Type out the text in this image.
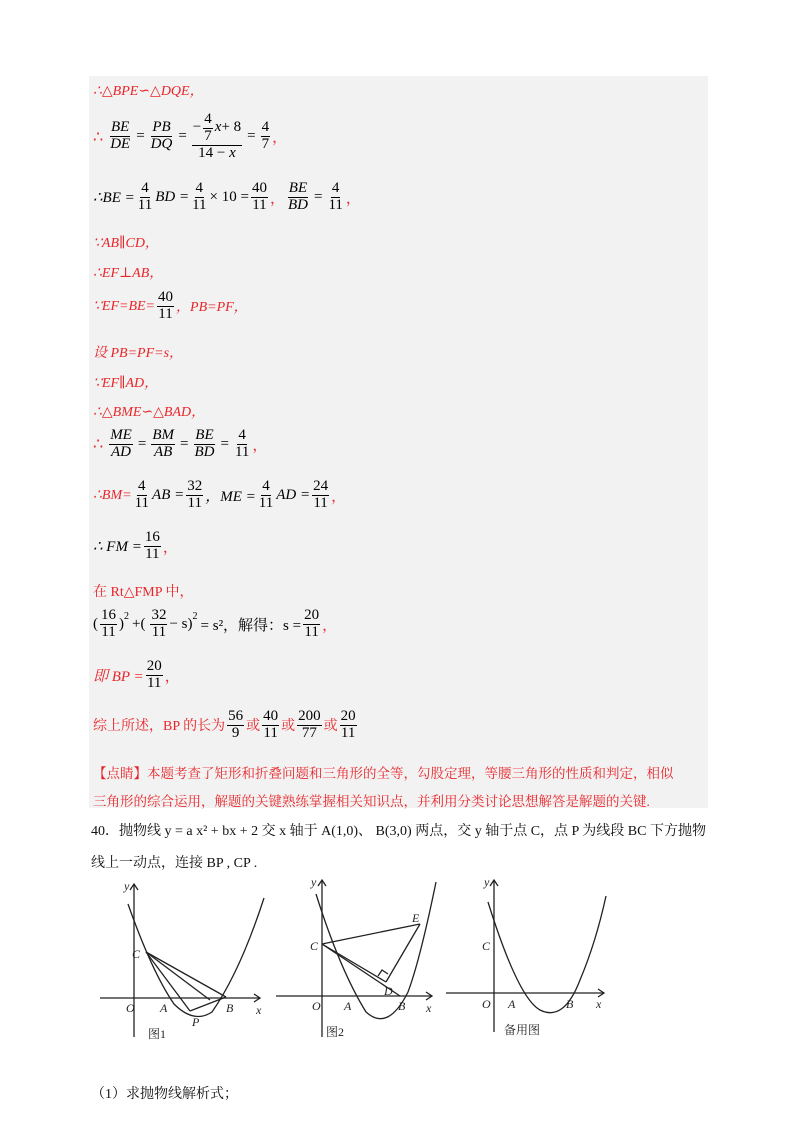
∴△BPE∽△DQE，
∴ $\frac{BE}{DE} = \frac{PB}{DQ} = \frac{- \frac{4}{7} x + 8}{14 - x} = \frac{4}{7}$ ，
∴BE = $\frac{4}{11}$ BD = $\frac{4}{11} \times 10 = \frac{40}{11}$ ， $\frac{BE}{BD} = \frac{4}{11}$ ，
∵AB∥CD，
∴EF⊥AB，
∵EF=BE= $\frac{40}{11}$ ，PB=PF，
设 PB=PF=s，
∵EF∥AD，
∴△BME∽△BAD，
∴ $\frac{ME}{AD} = \frac{BM}{AB} = \frac{BE}{BD} = \frac{4}{11}$ ，
∴BM= $\frac{4}{11}$ AB = $\frac{32}{11}$ ，ME = $\frac{4}{11}$ AD = $\frac{24}{11}$ ，
∴ FM = $\frac{16}{11}$ ，
在 Rt△FMP 中，
( $\frac{16}{11}$ ) 2 +( $\frac{32}{11} - s$ ) 2
= s²，解得：$s = \frac{20}{11}$ ，
即 BP = $\frac{20}{11}$ ，
综上所述，BP 的长为 $\frac{56}{9}$ 或 $\frac{40}{11}$ 或 $\frac{200}{77}$ 或 $\frac{20}{11}$
【点睛】本题考查了矩形和折叠问题和三角形的全等，勾股定理，等腰三角形的性质和判定，相似
三角形的综合运用，解题的关键熟练掌握相关知识点，并利用分类讨论思想解答是解题的关键.
40．抛物线 y = a x² + bx + 2 交 x 轴于 A(1,0)、 B(3,0) 两点，交 y 轴于点 C，点 P 为线段 BC 下方抛物
线上一动点，连接 BP , CP .
y
x
O A	B
C
P
y
x
O A	B
C
D
E
y
x
O A	B
C
图1	图2	备用图
（1）求抛物线解析式；
